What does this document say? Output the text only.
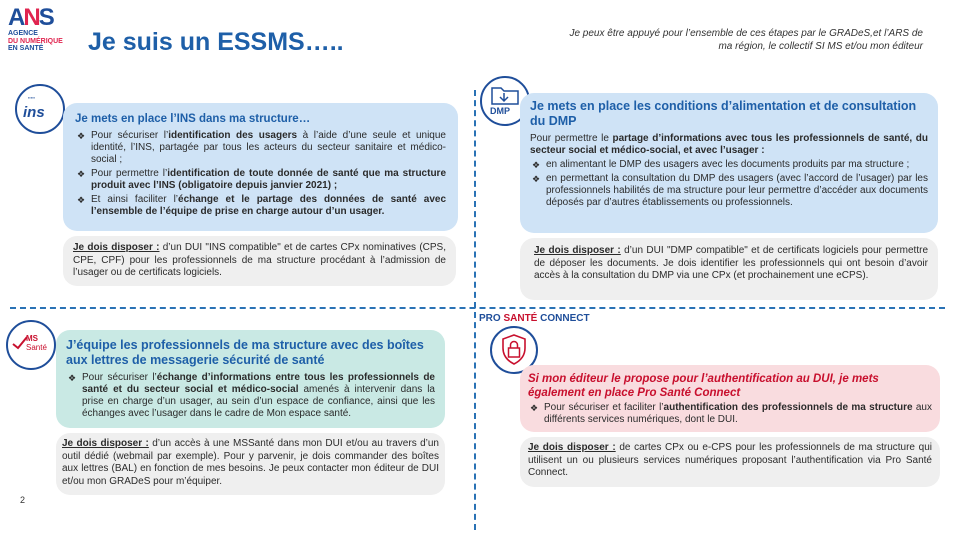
ANS
AGENCE
DU NUMÉRIQUE
EN SANTÉ	Je suis un ESSMS…..	Je peux être appuyé pour l’ensemble de ces étapes par le GRADeS,et l’ARS de ma région, le collectif SI MS et/ou mon éditeur
▪▪▪▪▪
ins	Je mets en place l’INS dans ma structure…
❖ Pour sécuriser l’identification des usagers à l’aide d’une seule et unique identité, l’INS, partagée par tous les acteurs du secteur sanitaire et médico-social ;
❖ Pour permettre l’identification de toute donnée de santé que ma structure produit avec l’INS (obligatoire depuis janvier 2021) ;
❖ Et ainsi faciliter l’échange et le partage des données de santé avec l’ensemble de l’équipe de prise en charge autour d’un usager.
Je dois disposer : d’un DUI "INS compatible" et de cartes CPx nominatives (CPS, CPE, CPF) pour les professionnels de ma structure procédant à l’admission de l’usager ou de certificats logiciels.
DMP Je mets en place les conditions d’alimentation et de consultation du DMP
Pour permettre le partage d’informations avec tous les professionnels de santé, du secteur social et médico-social, et avec l’usager :
❖ en alimentant le DMP des usagers avec les documents produits par ma structure ;
❖ en permettant la consultation du DMP des usagers (avec l’accord de l’usager) par les professionnels habilités de ma structure pour leur permettre d’accéder aux documents déposés par d’autres établissements ou professionnels.
Je dois disposer : d’un DUI "DMP compatible" et de certificats logiciels pour permettre de déposer les documents. Je dois identifier les professionnels qui ont besoin d’avoir accès à la consultation du DMP via une CPx (et prochainement une eCPS).
MS
Santé J’équipe les professionnels de ma structure avec des boîtes aux lettres de messagerie sécurité de santé
❖ Pour sécuriser l’échange d’informations entre tous les professionnels de santé et du secteur social et médico-social amenés à intervenir dans la prise en charge d’un usager, au sein d’un espace de confiance, ainsi que les échanges avec l’usager dans le cadre de Mon espace santé.
Je dois disposer : d’un accès à une MSSanté dans mon DUI et/ou au travers d’un outil dédié (webmail par exemple). Pour y parvenir, je dois commander des boîtes aux lettres (BAL) en fonction de mes besoins. Je peux contacter mon éditeur de DUI et/ou mon GRADeS pour m’équiper.
PRO SANTÉ CONNECT
Si mon éditeur le propose pour l’authentification au DUI, je mets également en place Pro Santé Connect
❖ Pour sécuriser et faciliter l’authentification des professionnels de ma structure aux différents services numériques, dont le DUI.
Je dois disposer : de cartes CPx ou e-CPS pour les professionnels de ma structure qui utilisent un ou plusieurs services numériques proposant l’authentification via Pro Santé Connect.
2
